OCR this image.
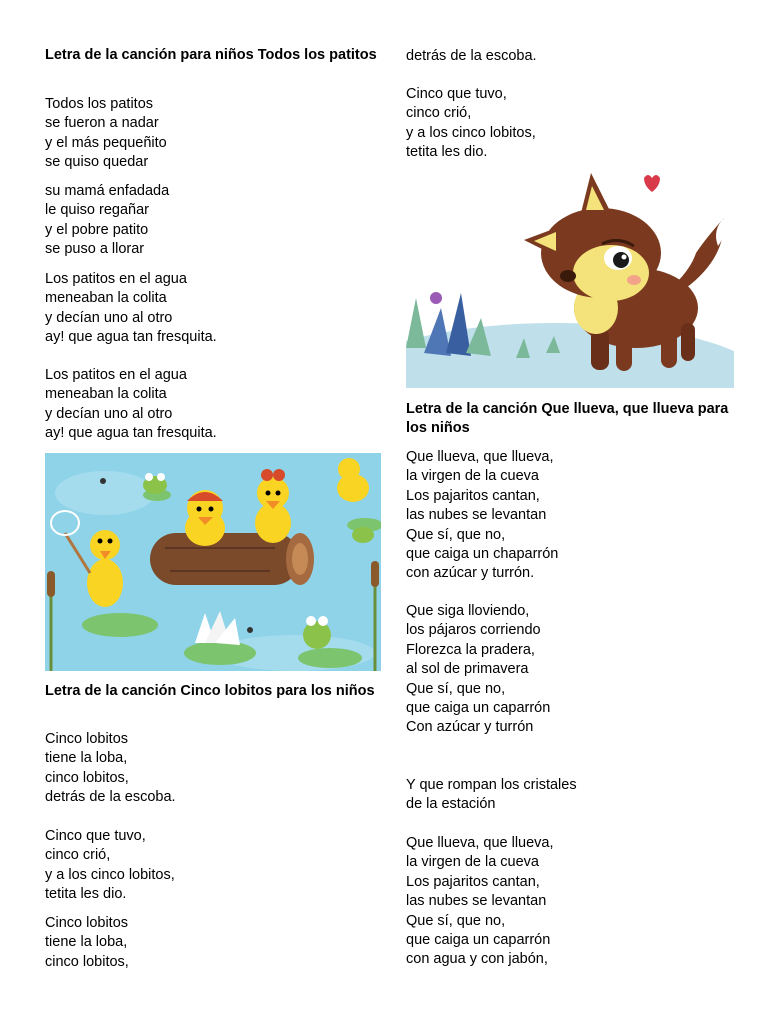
Letra de la canción para niños Todos los patitos

Todos los patitos
se fueron a nadar
y el más pequeñito
se quiso quedar
su mamá enfadada
le quiso regañar
y el pobre patito
se puso a llorar
Los patitos en el agua
meneaban la colita
y decían uno al otro
ay! que agua tan fresquita.
Los patitos en el agua
meneaban la colita
y decían uno al otro
ay! que agua tan fresquita.

Letra de la canción Cinco lobitos para los niños

Cinco lobitos
tiene la loba,
cinco lobitos,
detrás de la escoba.
Cinco que tuvo,
cinco crió,
y a los cinco lobitos,
tetita les dio.
Cinco lobitos
tiene la loba,
cinco lobitos,
detrás de la escoba.
Cinco que tuvo,
cinco crió,
y a los cinco lobitos,
tetita les dio.

Letra de la canción Que llueva, que llueva para los niños

Que llueva, que llueva,
la virgen de la cueva
Los pajaritos cantan,
las nubes se levantan
Que sí, que no,
que caiga un chaparrón
con azúcar y turrón.
Que siga lloviendo,
los pájaros corriendo
Florezca la pradera,
al sol de primavera
Que sí, que no,
que caiga un caparrón
Con azúcar y turrón
Y que rompan los cristales
de la estación
Que llueva, que llueva,
la virgen de la cueva
Los pajaritos cantan,
las nubes se levantan
Que sí, que no,
que caiga un caparrón
con agua y con jabón,
